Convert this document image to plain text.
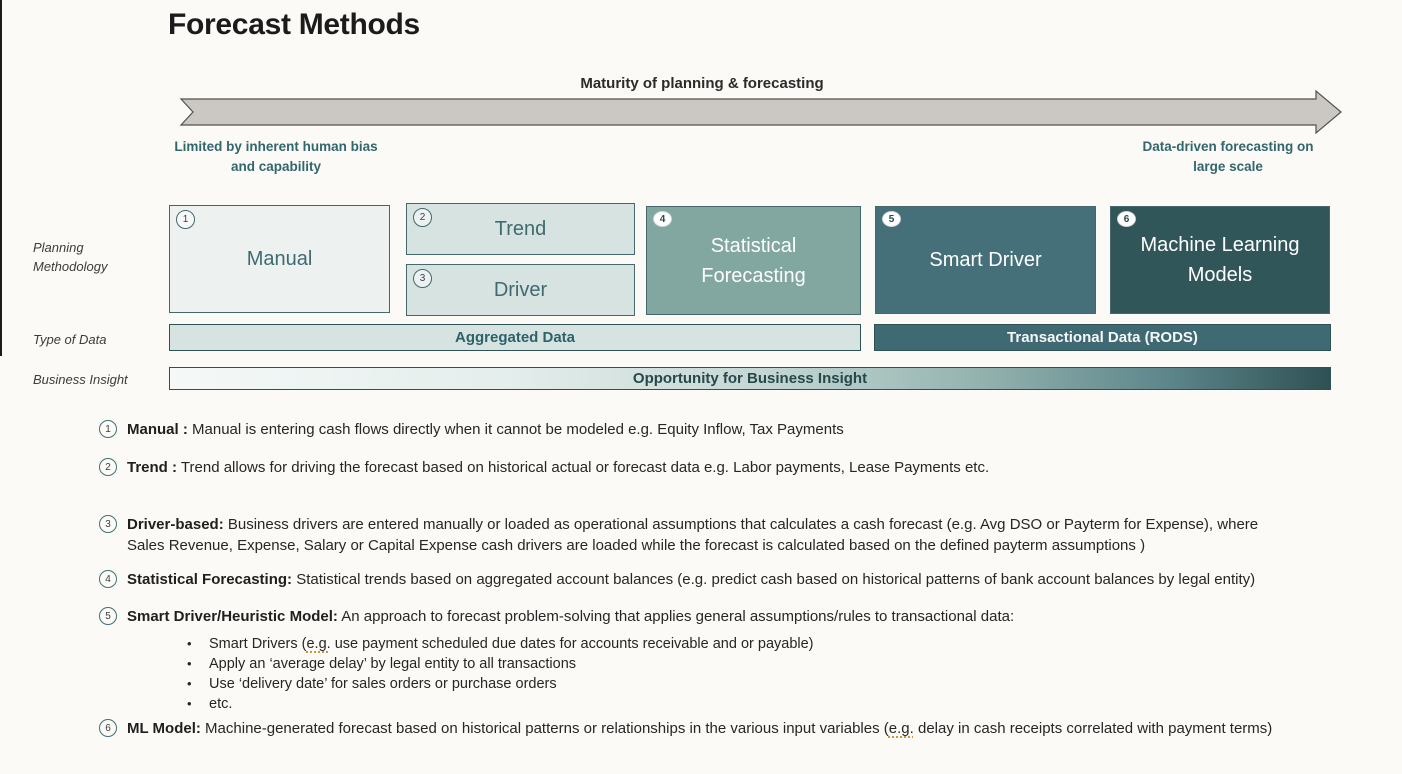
Forecast Methods
Maturity of planning & forecasting
Limited by inherent human bias
and capability
Data-driven forecasting on
large scale
Planning
Methodology
Type of Data
Business Insight
1
Manual
2	Trend
3	Driver
4
Statistical Forecasting
5
Smart Driver
6
Machine Learning Models
Aggregated Data	Transactional Data (RODS)
Opportunity for Business Insight
1	Manual : Manual is entering cash flows directly when it cannot be modeled e.g. Equity Inflow, Tax Payments

2	Trend : Trend allows for driving the forecast based on historical actual or forecast data e.g. Labor payments, Lease Payments etc.

3	Driver-based: Business drivers are entered manually or loaded as operational assumptions that calculates a cash forecast (e.g. Avg DSO or Payterm for Expense), where Sales Revenue, Expense, Salary or Capital Expense cash drivers are loaded while the forecast is calculated based on the defined payterm assumptions )

4	Statistical Forecasting: Statistical trends based on aggregated account balances (e.g. predict cash based on historical patterns of bank account balances by legal entity)

5	Smart Driver/Heuristic Model: An approach to forecast problem-solving that applies general assumptions/rules to transactional data:

• Smart Drivers (e.g. use payment scheduled due dates for accounts receivable and or payable)
• Apply an ‘average delay’ by legal entity to all transactions
• Use ‘delivery date’ for sales orders or purchase orders
• etc.
6	ML Model: Machine-generated forecast based on historical patterns or relationships in the various input variables (e.g. delay in cash receipts correlated with payment terms)
